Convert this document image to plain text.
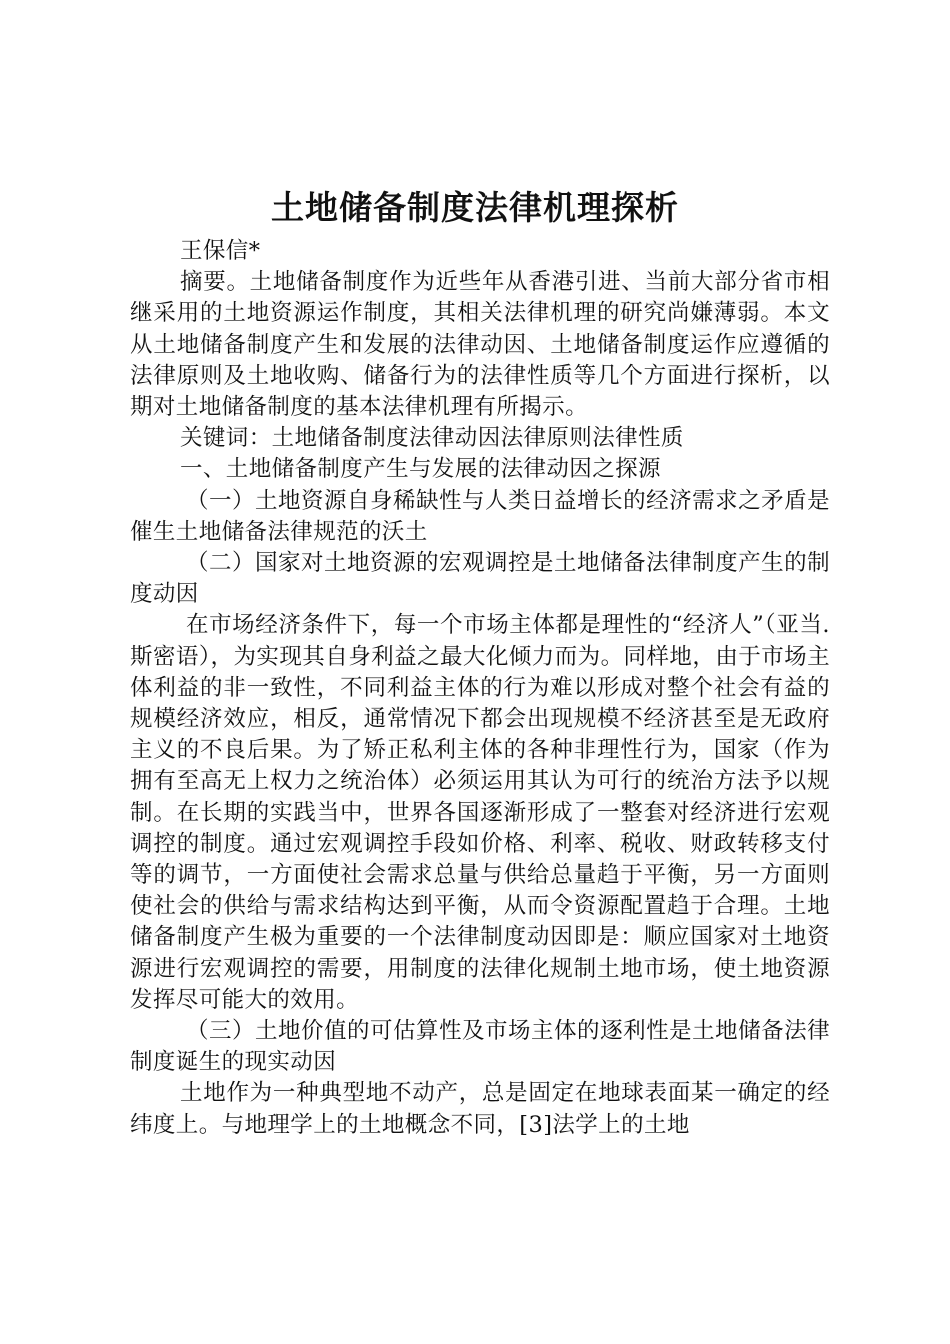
土地储备制度法律机理探析

王保信*

摘要。土地储备制度作为近些年从香港引进、当前大部分省市相继采用的土地资源运作制度，其相关法律机理的研究尚嫌薄弱。本文从土地储备制度产生和发展的法律动因、土地储备制度运作应遵循的法律原则及土地收购、储备行为的法律性质等几个方面进行探析，以期对土地储备制度的基本法律机理有所揭示。

关键词：土地储备制度法律动因法律原则法律性质

一、土地储备制度产生与发展的法律动因之探源

（一）土地资源自身稀缺性与人类日益增长的经济需求之矛盾是催生土地储备法律规范的沃土

（二）国家对土地资源的宏观调控是土地储备法律制度产生的制度动因

在市场经济条件下，每一个市场主体都是理性的“经济人”（亚当.斯密语），为实现其自身利益之最大化倾力而为。同样地，由于市场主体利益的非一致性，不同利益主体的行为难以形成对整个社会有益的规模经济效应，相反，通常情况下都会出现规模不经济甚至是无政府主义的不良后果。为了矫正私利主体的各种非理性行为，国家（作为拥有至高无上权力之统治体）必须运用其认为可行的统治方法予以规制。在长期的实践当中，世界各国逐渐形成了一整套对经济进行宏观调控的制度。通过宏观调控手段如价格、利率、税收、财政转移支付等的调节，一方面使社会需求总量与供给总量趋于平衡，另一方面则使社会的供给与需求结构达到平衡，从而令资源配置趋于合理。土地储备制度产生极为重要的一个法律制度动因即是：顺应国家对土地资源进行宏观调控的需要，用制度的法律化规制土地市场，使土地资源发挥尽可能大的效用。

（三）土地价值的可估算性及市场主体的逐利性是土地储备法律制度诞生的现实动因

土地作为一种典型地不动产，总是固定在地球表面某一确定的经纬度上。与地理学上的土地概念不同，[3]法学上的土地
